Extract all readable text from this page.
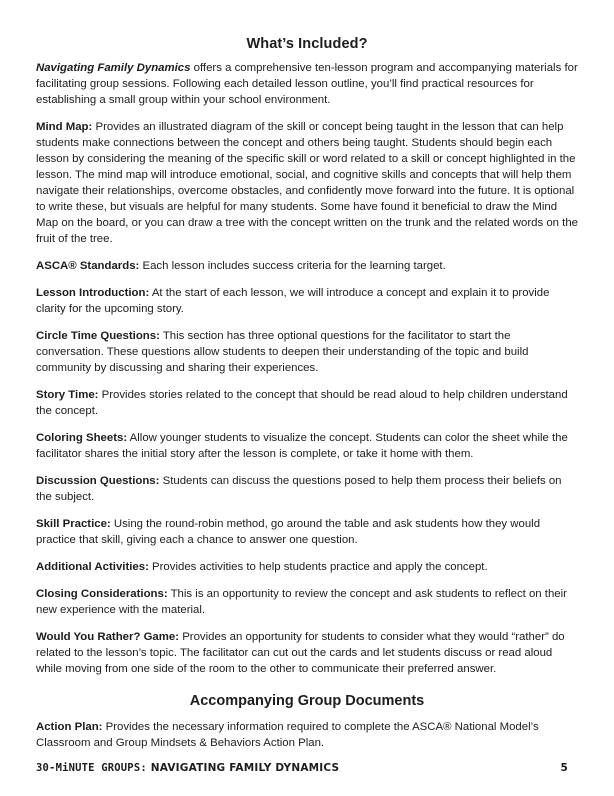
What’s Included?

Navigating Family Dynamics offers a comprehensive ten-lesson program and accompanying materials for facilitating group sessions. Following each detailed lesson outline, you’ll find practical resources for establishing a small group within your school environment.

Mind Map: Provides an illustrated diagram of the skill or concept being taught in the lesson that can help students make connections between the concept and others being taught. Students should begin each lesson by considering the meaning of the specific skill or word related to a skill or concept highlighted in the lesson. The mind map will introduce emotional, social, and cognitive skills and concepts that will help them navigate their relationships, overcome obstacles, and confidently move forward into the future. It is optional to write these, but visuals are helpful for many students. Some have found it beneficial to draw the Mind Map on the board, or you can draw a tree with the concept written on the trunk and the related words on the fruit of the tree.

ASCA® Standards: Each lesson includes success criteria for the learning target.

Lesson Introduction: At the start of each lesson, we will introduce a concept and explain it to provide clarity for the upcoming story.

Circle Time Questions: This section has three optional questions for the facilitator to start the conversation. These questions allow students to deepen their understanding of the topic and build community by discussing and sharing their experiences.

Story Time: Provides stories related to the concept that should be read aloud to help children understand the concept.

Coloring Sheets: Allow younger students to visualize the concept. Students can color the sheet while the facilitator shares the initial story after the lesson is complete, or take it home with them.

Discussion Questions: Students can discuss the questions posed to help them process their beliefs on the subject.

Skill Practice: Using the round-robin method, go around the table and ask students how they would practice that skill, giving each a chance to answer one question.

Additional Activities: Provides activities to help students practice and apply the concept.

Closing Considerations: This is an opportunity to review the concept and ask students to reflect on their new experience with the material.

Would You Rather? Game: Provides an opportunity for students to consider what they would “rather” do related to the lesson’s topic. The facilitator can cut out the cards and let students discuss or read aloud while moving from one side of the room to the other to communicate their preferred answer.

Accompanying Group Documents

Action Plan: Provides the necessary information required to complete the ASCA® National Model’s Classroom and Group Mindsets & Behaviors Action Plan.

30-MiNUTE GROUPS: NAVIGATING FAMILY DYNAMICS	5
